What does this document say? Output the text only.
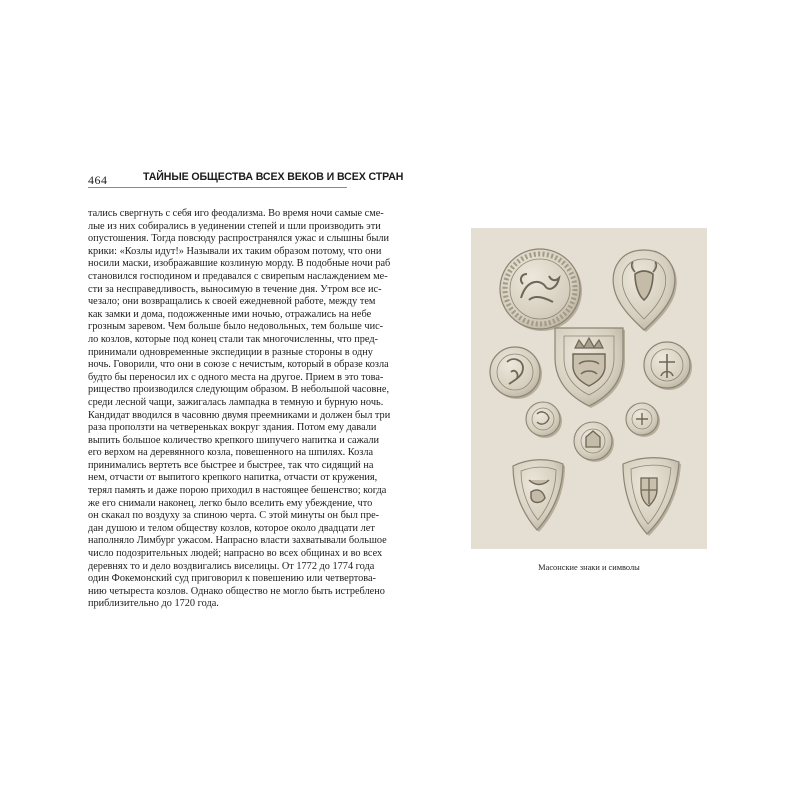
464	ТАЙНЫЕ ОБЩЕСТВА ВСЕХ ВЕКОВ И ВСЕХ СТРАН
тались свергнуть с себя иго феодализма. Во время ночи самые сме-
лые из них собирались в уединении степей и шли производить эти
опустошения. Тогда повсюду распространялся ужас и слышны были
крики: «Козлы идут!» Называли их таким образом потому, что они
носили маски, изображавшие козлиную морду. В подобные ночи раб
становился господином и предавался с свирепым наслаждением ме-
сти за несправедливость, выносимую в течение дня. Утром все ис-
чезало; они возвращались к своей ежедневной работе, между тем
как замки и дома, подожженные ими ночью, отражались на небе
грозным заревом. Чем больше было недовольных, тем больше чис-
ло козлов, которые под конец стали так многочисленны, что пред-
принимали одновременные экспедиции в разные стороны в одну
ночь. Говорили, что они в союзе с нечистым, который в образе козла
будто бы переносил их с одного места на другое. Прием в это това-
рищество производился следующим образом. В небольшой часовне,
среди лесной чащи, зажигалась лампадка в темную и бурную ночь.
Кандидат вводился в часовню двумя преемниками и должен был три
раза проползти на четвереньках вокруг здания. Потом ему давали
выпить большое количество крепкого шипучего напитка и сажали
его верхом на деревянного козла, повешенного на шпилях. Козла
принимались вертеть все быстрее и быстрее, так что сидящий на
нем, отчасти от выпитого крепкого напитка, отчасти от кружения,
терял память и даже порою приходил в настоящее бешенство; когда
же его снимали наконец, легко было вселить ему убеждение, что
он скакал по воздуху за спиною черта. С этой минуты он был пре-
дан душою и телом обществу козлов, которое около двадцати лет
наполняло Лимбург ужасом. Напрасно власти захватывали большое
число подозрительных людей; напрасно во всех общинах и во всех
деревнях то и дело воздвигались виселицы. От 1772 до 1774 года
один Фокемонский суд приговорил к повешению или четвертова-
нию четыреста козлов. Однако общество не могло быть истреблено
приблизительно до 1720 года.
Масонские знаки и символы
